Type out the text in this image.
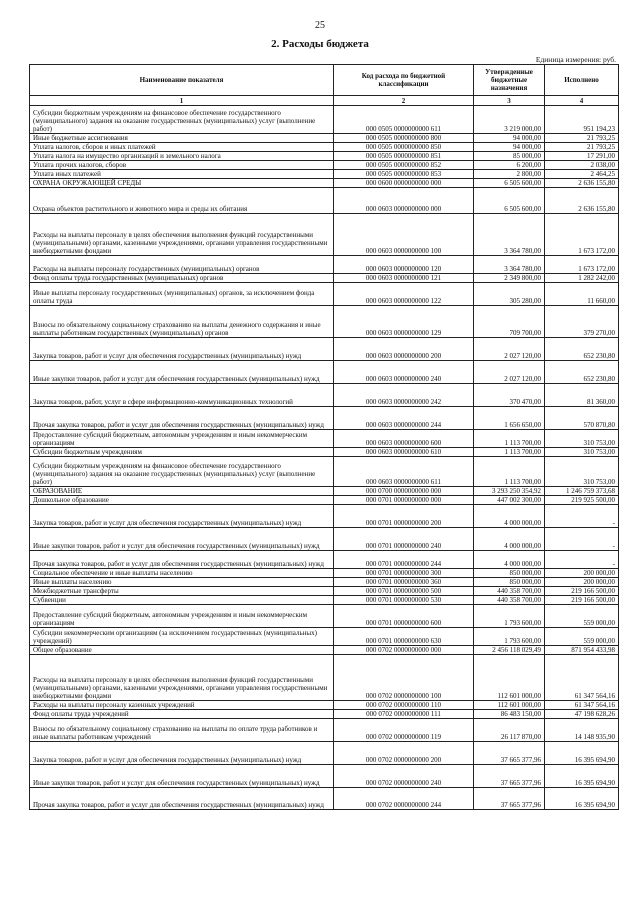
25
2. Расходы бюджета
Единица измерения: руб.
Наименование показателя	Код расхода по бюджетной классификации	Утвержденные бюджетные назначения	Исполнено
1	2	3	4
Субсидии бюджетным учреждениям на финансовое обеспечение государственного (муниципального) задания на оказание государственных (муниципальных) услуг (выполнение работ)	000 0505 0000000000 611	3 219 000,00	951 194,23
Иные бюджетные ассигнования	000 0505 0000000000 800	94 000,00	21 793,25
Уплата налогов, сборов и иных платежей	000 0505 0000000000 850	94 000,00	21 793,25
Уплата налога на имущество организаций и земельного налога	000 0505 0000000000 851	85 000,00	17 291,00
Уплата прочих налогов, сборов	000 0505 0000000000 852	6 200,00	2 038,00
Уплата иных платежей	000 0505 0000000000 853	2 800,00	2 464,25
ОХРАНА ОКРУЖАЮЩЕЙ СРЕДЫ	000 0600 0000000000 000	6 505 600,00	2 636 155,80
Охрана объектов растительного и животного мира и среды их обитания	000 0603 0000000000 000	6 505 600,00	2 636 155,80
Расходы на выплаты персоналу в целях обеспечения выполнения функций государственными (муниципальными) органами, казенными учреждениями, органами управления государственными внебюджетными фондами	000 0603 0000000000 100	3 364 780,00	1 673 172,00
Расходы на выплаты персоналу государственных (муниципальных) органов	000 0603 0000000000 120	3 364 780,00	1 673 172,00
Фонд оплаты труда государственных (муниципальных) органов	000 0603 0000000000 121	2 349 800,00	1 282 242,00
Иные выплаты персоналу государственных (муниципальных) органов, за исключением фонда оплаты труда	000 0603 0000000000 122	305 280,00	11 660,00
Взносы по обязательному социальному страхованию на выплаты денежного содержания и иные выплаты работникам государственных (муниципальных) органов	000 0603 0000000000 129	709 700,00	379 270,00
Закупка товаров, работ и услуг для обеспечения государственных (муниципальных) нужд	000 0603 0000000000 200	2 027 120,00	652 230,80
Иные закупки товаров, работ и услуг для обеспечения государственных (муниципальных) нужд	000 0603 0000000000 240	2 027 120,00	652 230,80
Закупка товаров, работ, услуг в сфере информационно-коммуникационных технологий	000 0603 0000000000 242	370 470,00	81 360,00
Прочая закупка товаров, работ и услуг для обеспечения государственных (муниципальных) нужд	000 0603 0000000000 244	1 656 650,00	570 870,80
Предоставление субсидий бюджетным, автономным учреждениям и иным некоммерческим организациям	000 0603 0000000000 600	1 113 700,00	310 753,00
Субсидии бюджетным учреждениям	000 0603 0000000000 610	1 113 700,00	310 753,00
Субсидии бюджетным учреждениям на финансовое обеспечение государственного (муниципального) задания на оказание государственных (муниципальных) услуг (выполнение работ)	000 0603 0000000000 611	1 113 700,00	310 753,00
ОБРАЗОВАНИЕ	000 0700 0000000000 000	3 293 250 354,92	1 246 759 373,68
Дошкольное образование	000 0701 0000000000 000	447 002 300,00	219 925 500,00
Закупка товаров, работ и услуг для обеспечения государственных (муниципальных) нужд	000 0701 0000000000 200	4 000 000,00	-
Иные закупки товаров, работ и услуг для обеспечения государственных (муниципальных) нужд	000 0701 0000000000 240	4 000 000,00	-
Прочая закупка товаров, работ и услуг для обеспечения государственных (муниципальных) нужд	000 0701 0000000000 244	4 000 000,00	-
Социальное обеспечение и иные выплаты населению	000 0701 0000000000 300	850 000,00	200 000,00
Иные выплаты населению	000 0701 0000000000 360	850 000,00	200 000,00
Межбюджетные трансферты	000 0701 0000000000 500	440 358 700,00	219 166 500,00
Субвенции	000 0701 0000000000 530	440 358 700,00	219 166 500,00
Предоставление субсидий бюджетным, автономным учреждениям и иным некоммерческим организациям	000 0701 0000000000 600	1 793 600,00	559 000,00
Субсидии некоммерческим организациям (за исключением государственных (муниципальных) учреждений)	000 0701 0000000000 630	1 793 600,00	559 000,00
Общее образование	000 0702 0000000000 000	2 456 118 029,49	871 954 433,98
Расходы на выплаты персоналу в целях обеспечения выполнения функций государственными (муниципальными) органами, казенными учреждениями, органами управления государственными внебюджетными фондами	000 0702 0000000000 100	112 601 000,00	61 347 564,16
Расходы на выплаты персоналу казенных учреждений	000 0702 0000000000 110	112 601 000,00	61 347 564,16
Фонд оплаты труда учреждений	000 0702 0000000000 111	86 483 150,00	47 198 628,26
Взносы по обязательному социальному страхованию на выплаты по оплате труда работников и иные выплаты работникам учреждений	000 0702 0000000000 119	26 117 870,00	14 148 935,90
Закупка товаров, работ и услуг для обеспечения государственных (муниципальных) нужд	000 0702 0000000000 200	37 665 377,96	16 395 694,90
Иные закупки товаров, работ и услуг для обеспечения государственных (муниципальных) нужд	000 0702 0000000000 240	37 665 377,96	16 395 694,90
Прочая закупка товаров, работ и услуг для обеспечения государственных (муниципальных) нужд	000 0702 0000000000 244	37 665 377,96	16 395 694,90
